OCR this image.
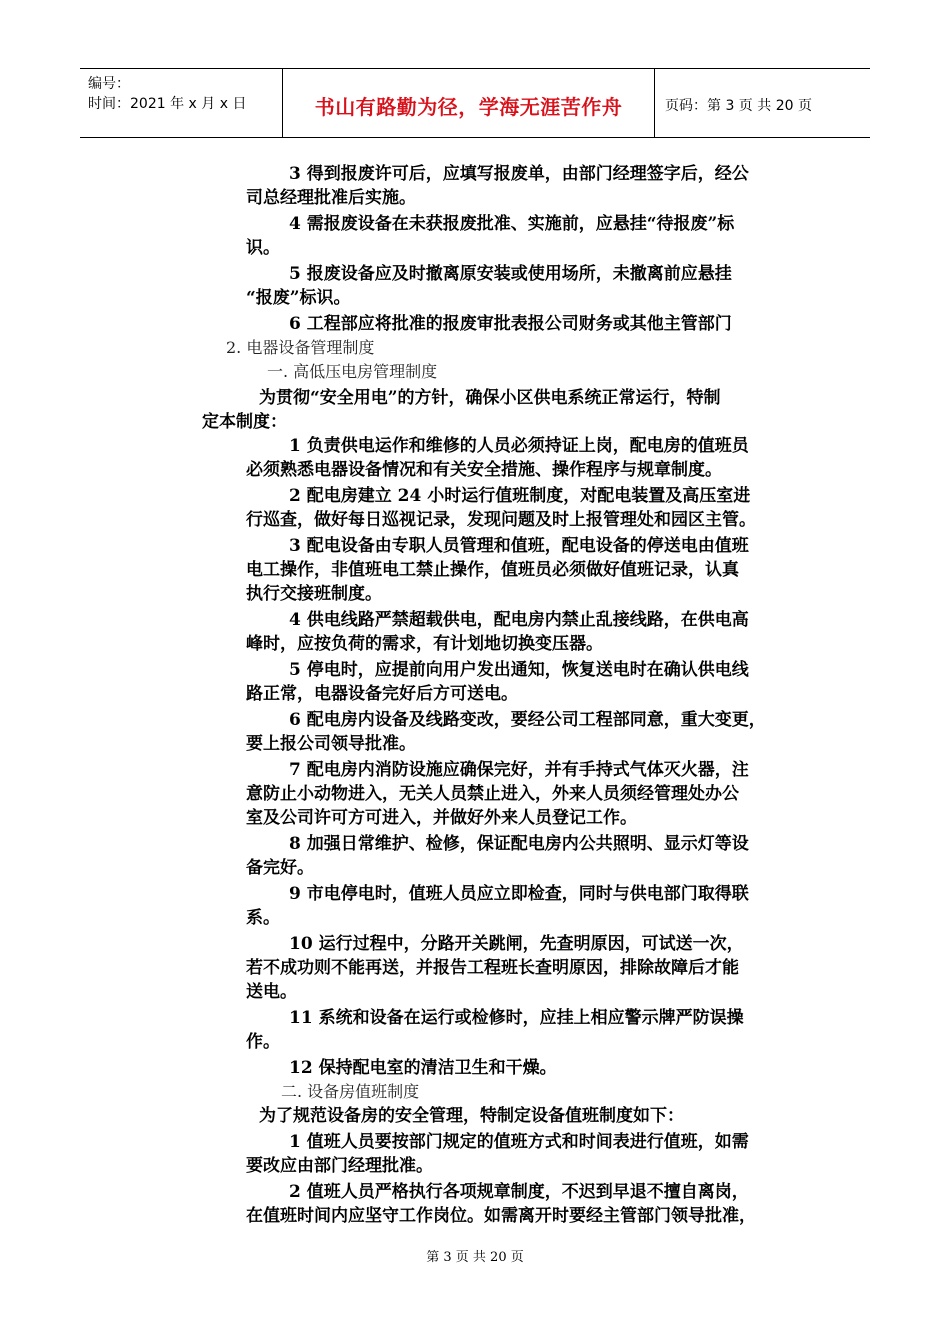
编号：
时间：2021 年 x 月 x 日	书山有路勤为径，学海无涯苦作舟	页码：第 3 页 共 20 页
3 得到报废许可后，应填写报废单，由部门经理签字后，经公
司总经理批准后实施。
4 需报废设备在未获报废批准、实施前，应悬挂“待报废”标
识。
5 报废设备应及时撤离原安装或使用场所，未撤离前应悬挂
“报废”标识。
6 工程部应将批准的报废审批表报公司财务或其他主管部门
2. 电器设备管理制度
一. 高低压电房管理制度
为贯彻“安全用电”的方针，确保小区供电系统正常运行，特制
定本制度：
1 负责供电运作和维修的人员必须持证上岗，配电房的值班员
必须熟悉电器设备情况和有关安全措施、操作程序与规章制度。
2 配电房建立 24 小时运行值班制度，对配电装置及高压室进
行巡查，做好每日巡视记录，发现问题及时上报管理处和园区主管。
3 配电设备由专职人员管理和值班，配电设备的停送电由值班
电工操作，非值班电工禁止操作，值班员必须做好值班记录，认真
执行交接班制度。
4 供电线路严禁超载供电，配电房内禁止乱接线路，在供电高
峰时，应按负荷的需求，有计划地切换变压器。
5 停电时，应提前向用户发出通知，恢复送电时在确认供电线
路正常，电器设备完好后方可送电。
6 配电房内设备及线路变改，要经公司工程部同意，重大变更，
要上报公司领导批准。
7 配电房内消防设施应确保完好，并有手持式气体灭火器，注
意防止小动物进入，无关人员禁止进入，外来人员须经管理处办公
室及公司许可方可进入，并做好外来人员登记工作。
8 加强日常维护、检修，保证配电房内公共照明、显示灯等设
备完好。
9 市电停电时，值班人员应立即检查，同时与供电部门取得联
系。
10 运行过程中，分路开关跳闸，先查明原因，可试送一次，
若不成功则不能再送，并报告工程班长查明原因，排除故障后才能
送电。
11 系统和设备在运行或检修时，应挂上相应警示牌严防误操
作。
12 保持配电室的清洁卫生和干燥。
二. 设备房值班制度
为了规范设备房的安全管理，特制定设备值班制度如下：
1 值班人员要按部门规定的值班方式和时间表进行值班，如需
要改应由部门经理批准。
2 值班人员严格执行各项规章制度，不迟到早退不擅自离岗，
在值班时间内应坚守工作岗位。如需离开时要经主管部门领导批准，
第 3 页 共 20 页
